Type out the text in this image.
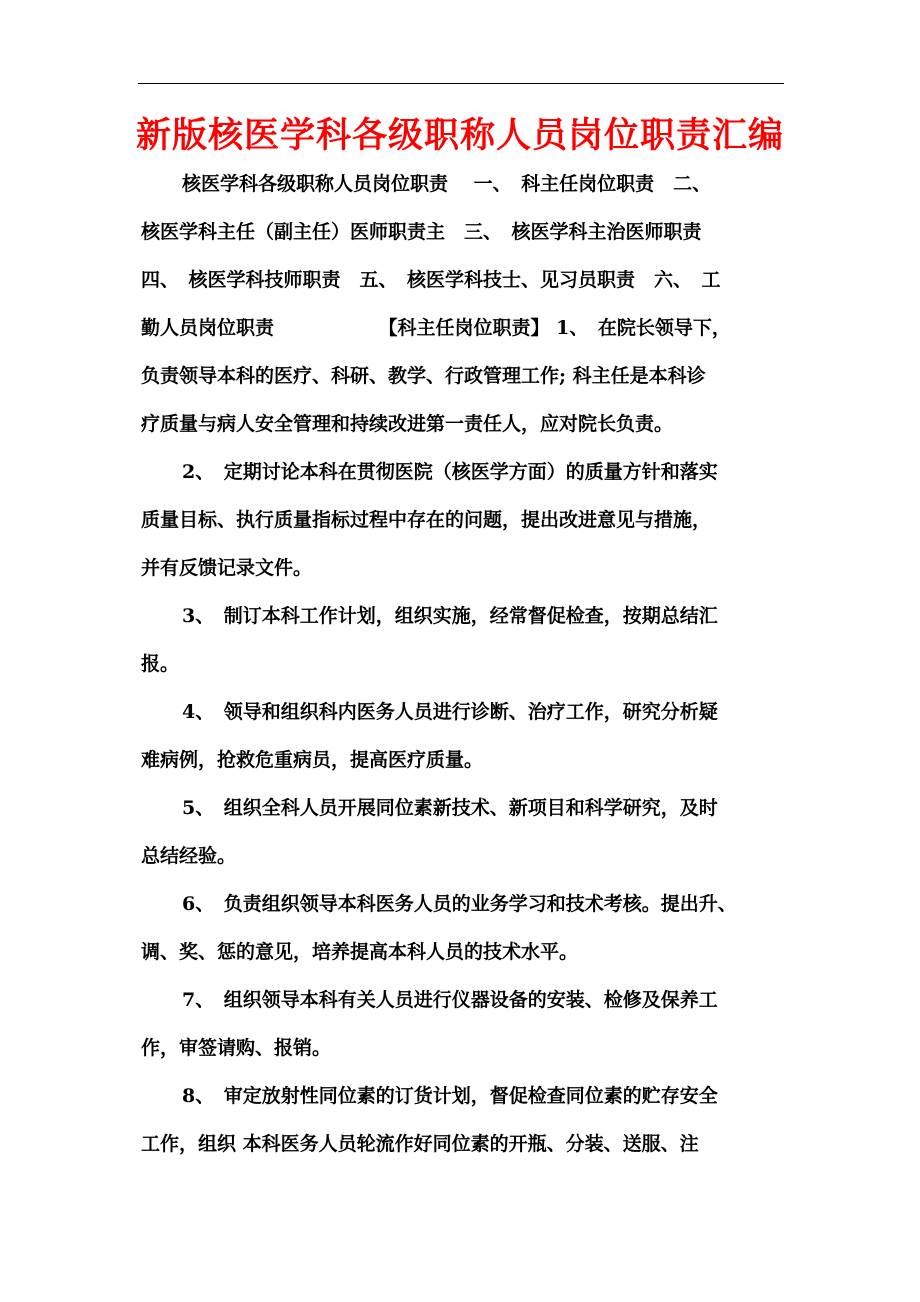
新版核医学科各级职称人员岗位职责汇编
核医学科各级职称人员岗位职责　 一、　科主任岗位职责　二、
核医学科主任（副主任）医师职责主　三、　核医学科主治医师职责
四、　核医学科技师职责　五、　核医学科技士、见习员职责　六、　工
勤人员岗位职责　　　　　　【科主任岗位职责】 1、　在院长领导下，
负责领导本科的医疗、科研、教学、行政管理工作; 科主任是本科诊
疗质量与病人安全管理和持续改进第一责任人，应对院长负责。
2、　定期讨论本科在贯彻医院（核医学方面）的质量方针和落实
质量目标、执行质量指标过程中存在的问题，提出改进意见与措施，
并有反馈记录文件。
3、　制订本科工作计划，组织实施，经常督促检查，按期总结汇
报。
4、　领导和组织科内医务人员进行诊断、治疗工作，研究分析疑
难病例，抢救危重病员，提高医疗质量。
5、　组织全科人员开展同位素新技术、新项目和科学研究，及时
总结经验。
6、　负责组织领导本科医务人员的业务学习和技术考核。提出升、
调、奖、惩的意见，培养提高本科人员的技术水平。
7、　组织领导本科有关人员进行仪器设备的安装、检修及保养工
作，审签请购、报销。
8、　审定放射性同位素的订货计划，督促检查同位素的贮存安全
工作，组织 本科医务人员轮流作好同位素的开瓶、分装、送服、注
